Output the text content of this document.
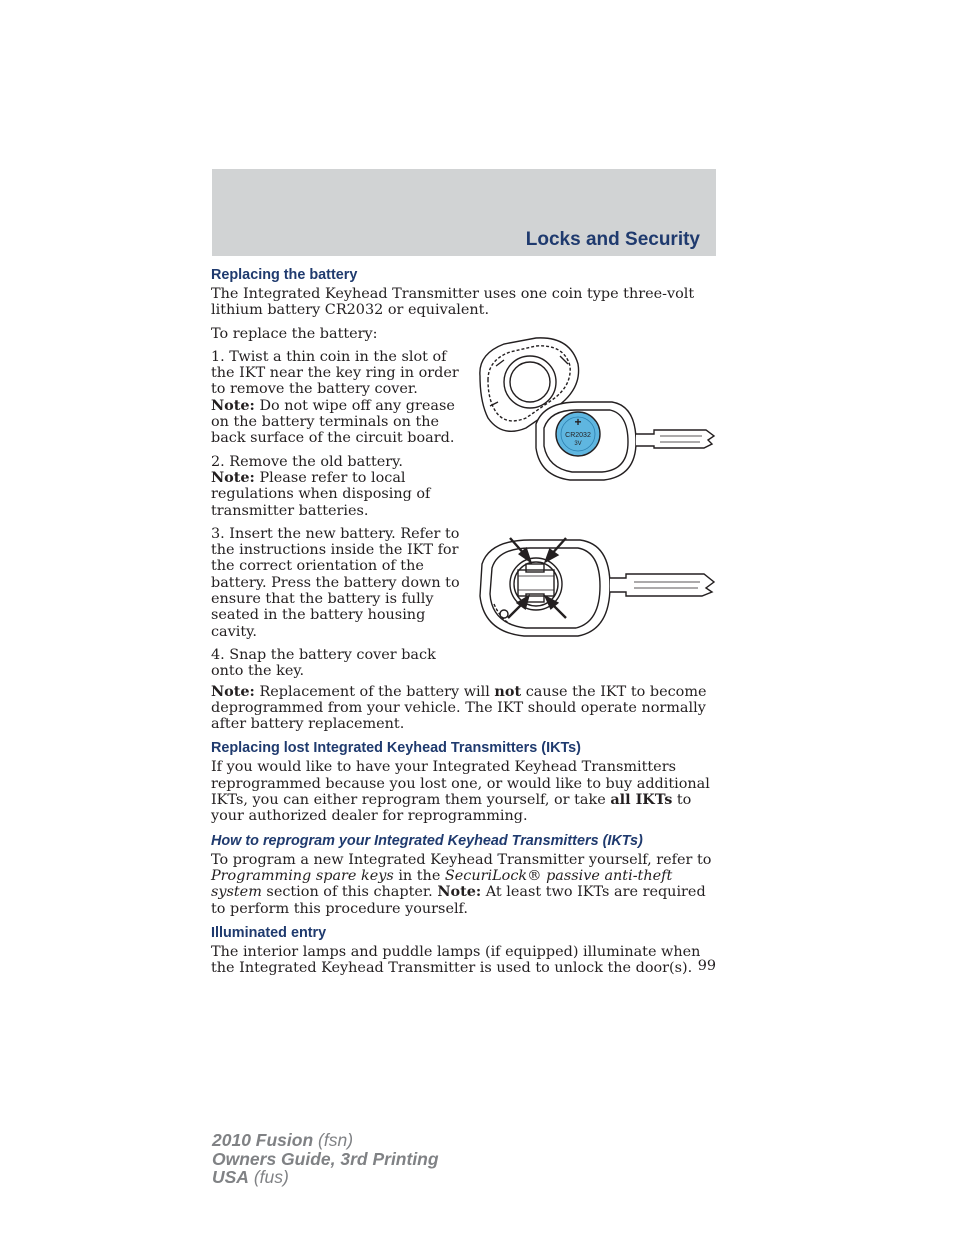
Locks and Security
+
CR2032
3V
Replacing the battery

The Integrated Keyhead Transmitter uses one coin type three-volt lithium battery CR2032 or equivalent.

To replace the battery:

1. Twist a thin coin in the slot of the IKT near the key ring in order to remove the battery cover.
Note: Do not wipe off any grease on the battery terminals on the back surface of the circuit board.

2. Remove the old battery.
Note: Please refer to local regulations when disposing of transmitter batteries.

3. Insert the new battery. Refer to the instructions inside the IKT for the correct orientation of the battery. Press the battery down to ensure that the battery is fully seated in the battery housing cavity.

4. Snap the battery cover back onto the key.

Note: Replacement of the battery will not cause the IKT to become deprogrammed from your vehicle. The IKT should operate normally after battery replacement.

Replacing lost Integrated Keyhead Transmitters (IKTs)

If you would like to have your Integrated Keyhead Transmitters reprogrammed because you lost one, or would like to buy additional IKTs, you can either reprogram them yourself, or take all IKTs to your authorized dealer for reprogramming.

How to reprogram your Integrated Keyhead Transmitters (IKTs)

To program a new Integrated Keyhead Transmitter yourself, refer to Programming spare keys in the SecuriLock® passive anti-theft system section of this chapter. Note: At least two IKTs are required to perform this procedure yourself.

Illuminated entry

The interior lamps and puddle lamps (if equipped) illuminate when the Integrated Keyhead Transmitter is used to unlock the door(s). 99
2010 Fusion (fsn)
Owners Guide, 3rd Printing
USA (fus)
